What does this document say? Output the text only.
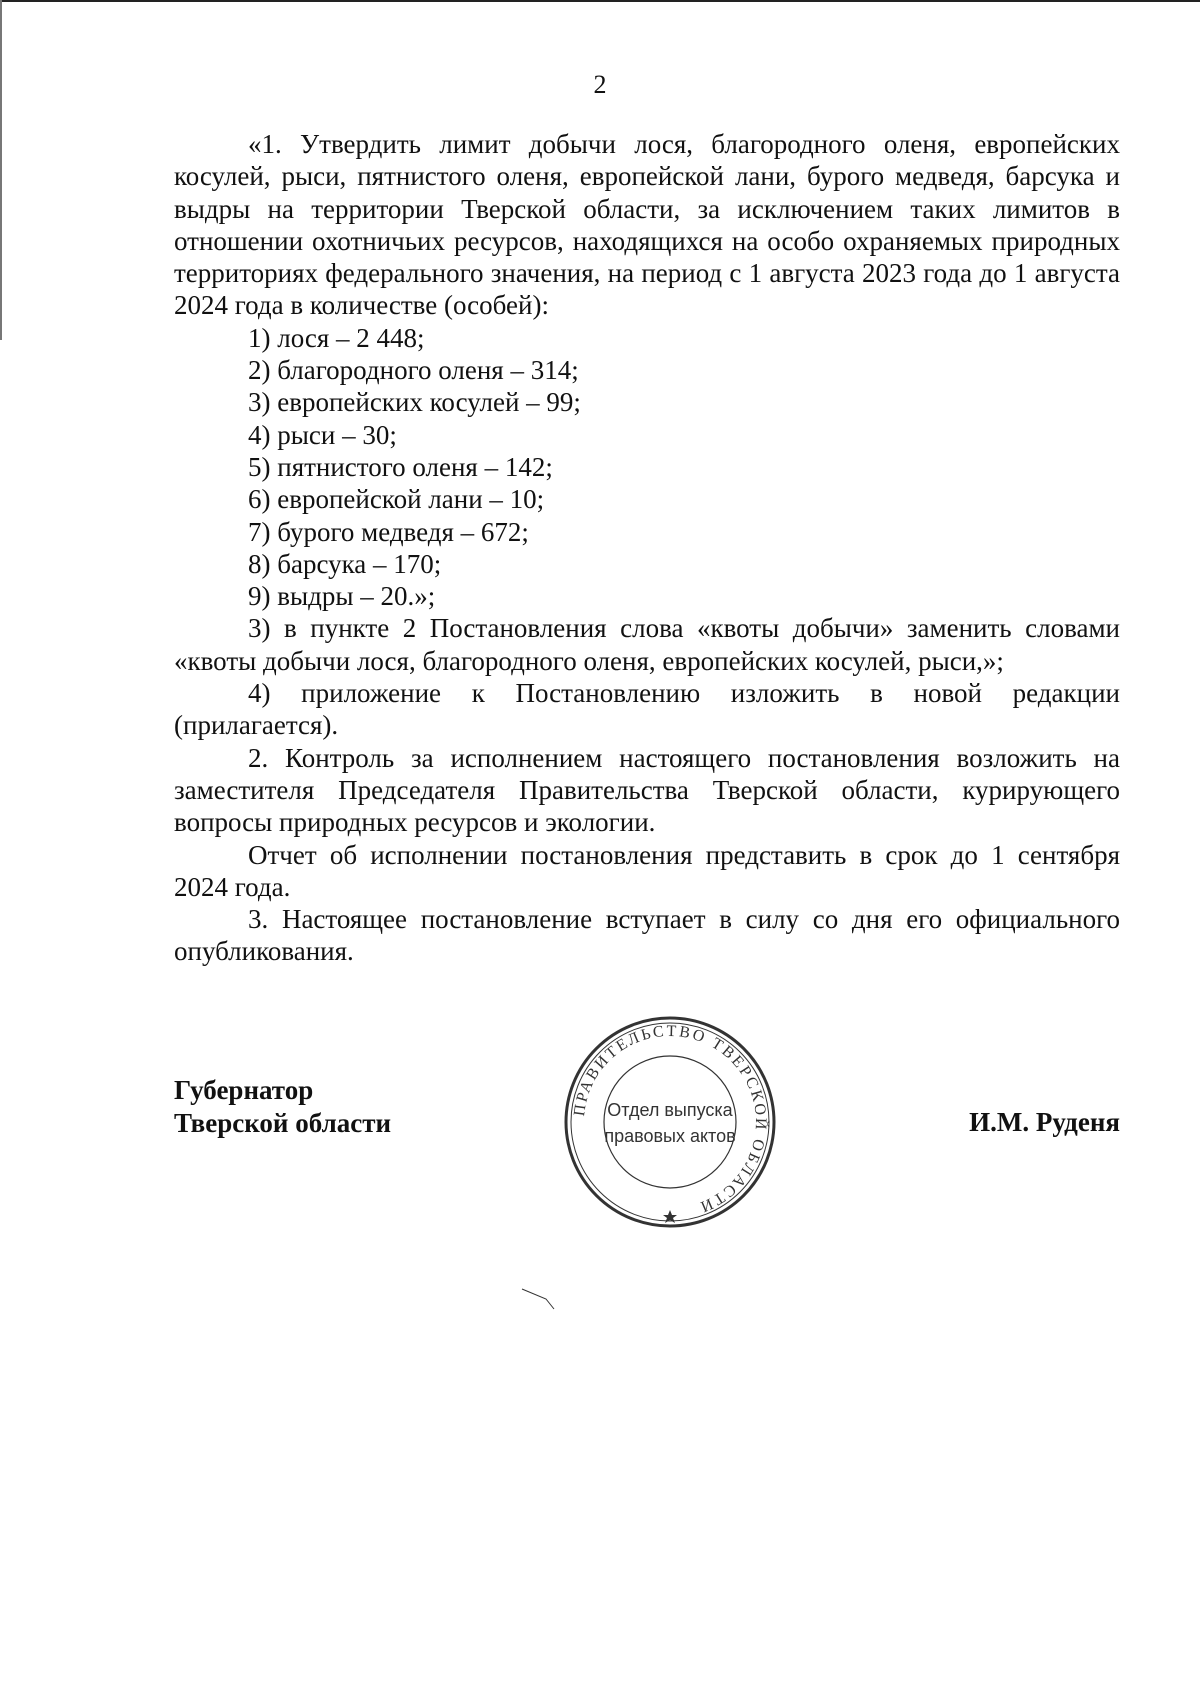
2

«1. Утвердить лимит добычи лося, благородного оленя, европейских косулей, рыси, пятнистого оленя, европейской лани, бурого медведя, барсука и выдры на территории Тверской области, за исключением таких лимитов в отношении охотничьих ресурсов, находящихся на особо охраняемых природных территориях федерального значения, на период с 1 августа 2023 года до 1 августа 2024 года в количестве (особей):

1) лося – 2 448;

2) благородного оленя – 314;

3) европейских косулей – 99;

4) рыси – 30;

5) пятнистого оленя – 142;

6) европейской лани – 10;

7) бурого медведя – 672;

8) барсука – 170;

9) выдры – 20.»;

3) в пункте 2 Постановления слова «квоты добычи» заменить словами «квоты добычи лося, благородного оленя, европейских косулей, рыси,»;

4) приложение к Постановлению изложить в новой редакции (прилагается).

2. Контроль за исполнением настоящего постановления возложить на заместителя Председателя Правительства Тверской области, курирующего вопросы природных ресурсов и экологии.

Отчет об исполнении постановления представить в срок до 1 сентября 2024 года.

3. Настоящее постановление вступает в силу со дня его официального опубликования.

Губернатор
Тверской области	И.М. Руденя
ПРАВИТЕЛЬСТВО ТВЕРСКОЙ ОБЛАСТИ
Отдел выпуска
правовых актов
